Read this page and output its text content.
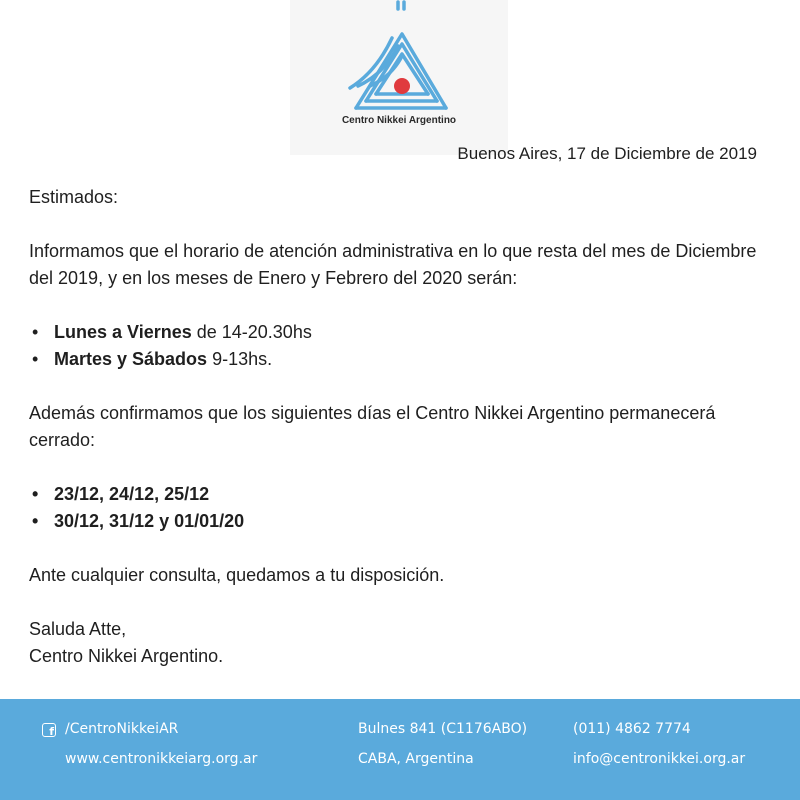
Centro Nikkei Argentino
Buenos Aires, 17 de Diciembre de 2019

Estimados:

Informamos que el horario de atención administrativa en lo que resta del mes de Diciembre del 2019, y en los meses de Enero y Febrero del 2020 serán:

• Lunes a Viernes de 14-20.30hs
• Martes y Sábados 9-13hs.

Además confirmamos que los siguientes días el Centro Nikkei Argentino permanecerá cerrado:

• 23/12, 24/12, 25/12
• 30/12, 31/12 y 01/01/20

Ante cualquier consulta, quedamos a tu disposición.

Saluda Atte,

Centro Nikkei Argentino.

f /CentroNikkeiAR
www.centronikkeiarg.org.ar
Bulnes 841 (C1176ABO)
CABA, Argentina
(011) 4862 7774
info@centronikkei.org.ar
